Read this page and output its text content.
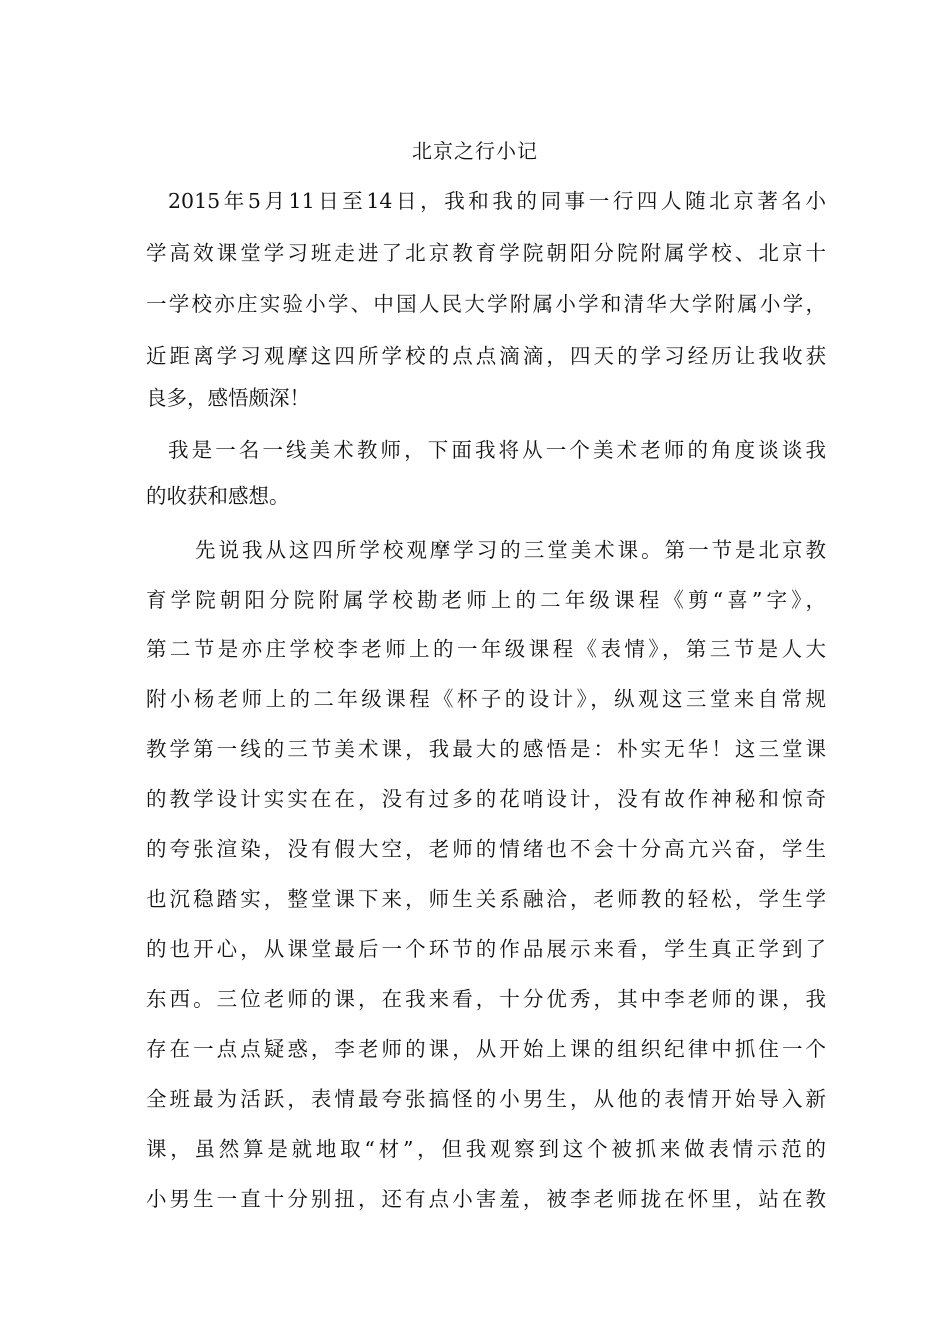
北京之行小记
2015年5月11日至14日，我和我的同事一行四人随北京著名小
学高效课堂学习班走进了北京教育学院朝阳分院附属学校、北京十
一学校亦庄实验小学、中国人民大学附属小学和清华大学附属小学，
近距离学习观摩这四所学校的点点滴滴，四天的学习经历让我收获
良多，感悟颇深！
我是一名一线美术教师，下面我将从一个美术老师的角度谈谈我
的收获和感想。
先说我从这四所学校观摩学习的三堂美术课。第一节是北京教
育学院朝阳分院附属学校勘老师上的二年级课程《剪“喜”字》，
第二节是亦庄学校李老师上的一年级课程《表情》，第三节是人大
附小杨老师上的二年级课程《杯子的设计》，纵观这三堂来自常规
教学第一线的三节美术课，我最大的感悟是：朴实无华！这三堂课
的教学设计实实在在，没有过多的花哨设计，没有故作神秘和惊奇
的夸张渲染，没有假大空，老师的情绪也不会十分高亢兴奋，学生
也沉稳踏实，整堂课下来，师生关系融洽，老师教的轻松，学生学
的也开心，从课堂最后一个环节的作品展示来看，学生真正学到了
东西。三位老师的课，在我来看，十分优秀，其中李老师的课，我
存在一点点疑惑，李老师的课，从开始上课的组织纪律中抓住一个
全班最为活跃，表情最夸张搞怪的小男生，从他的表情开始导入新
课，虽然算是就地取“材”，但我观察到这个被抓来做表情示范的
小男生一直十分别扭，还有点小害羞，被李老师拢在怀里，站在教
